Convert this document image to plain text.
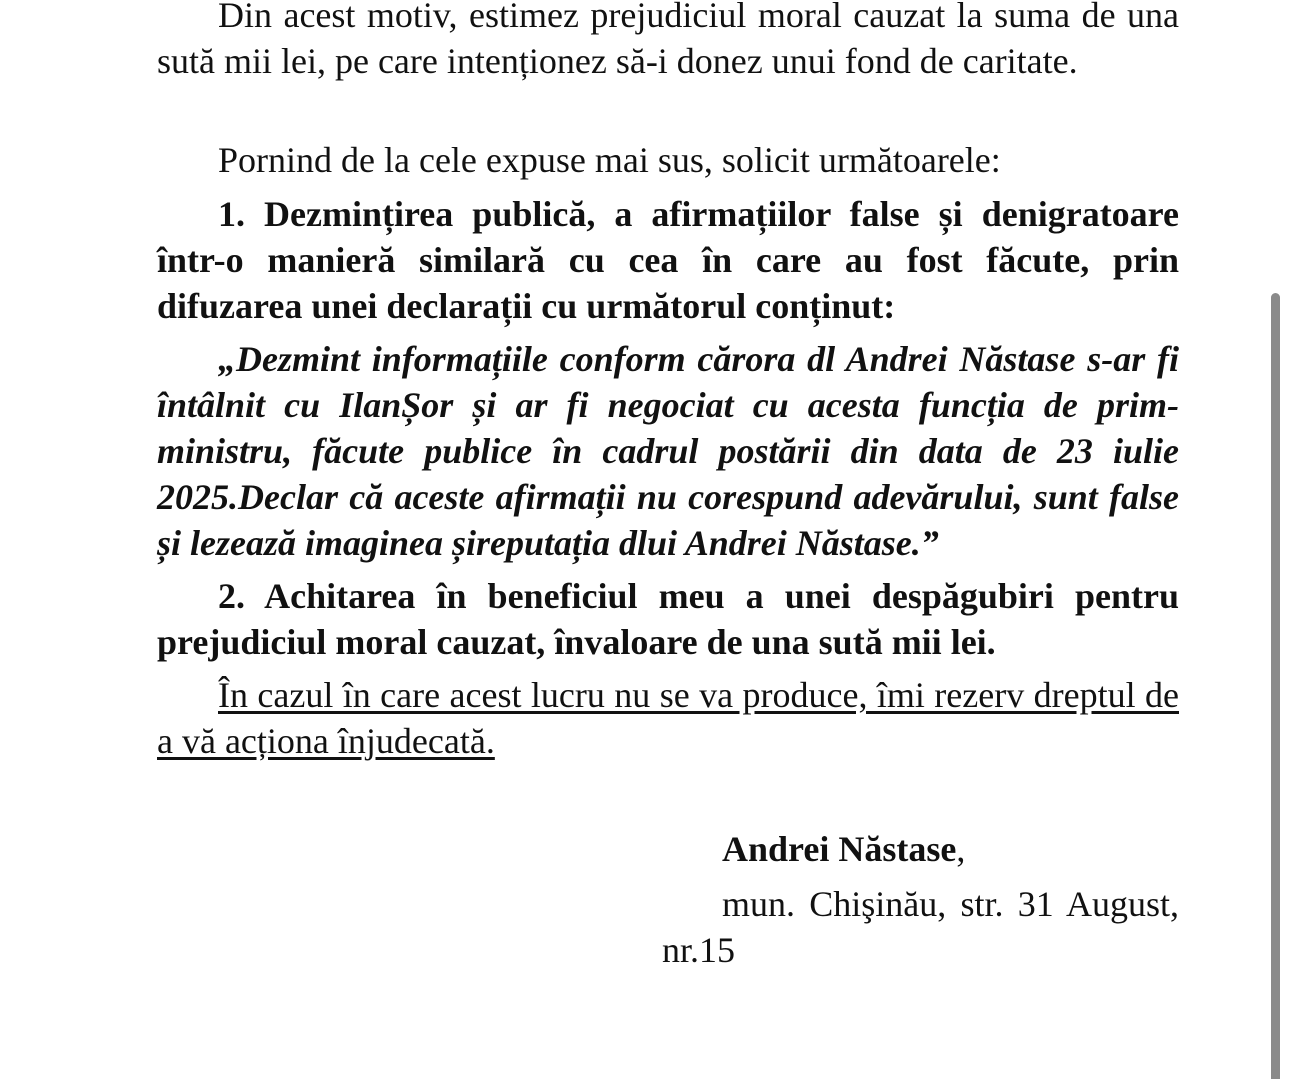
Din acest motiv, estimez prejudiciul moral cauzat la suma de una sută mii lei, pe care intenționez să-i donez unui fond de caritate.

Pornind de la cele expuse mai sus, solicit următoarele:

1. Dezmințirea publică, a afirmațiilor false și denigratoare într-o manieră similară cu cea în care au fost făcute, prin difuzarea unei declarații cu următorul conținut:

„Dezmint informațiile conform cărora dl Andrei Năstase s-ar fi întâlnit cu IlanȘor și ar fi negociat cu acesta funcția de prim-ministru, făcute publice în cadrul postării din data de 23 iulie 2025.Declar că aceste afirmații nu corespund adevărului, sunt false și lezează imaginea șireputația dlui Andrei Năstase.”

2. Achitarea în beneficiul meu a unei despăgubiri pentru prejudiciul moral cauzat, învaloare de una sută mii lei.

În cazul în care acest lucru nu se va produce, îmi rezerv dreptul de a vă acționa înjudecată.

Andrei Năstase,

mun. Chişinău, str. 31 August, nr.15
